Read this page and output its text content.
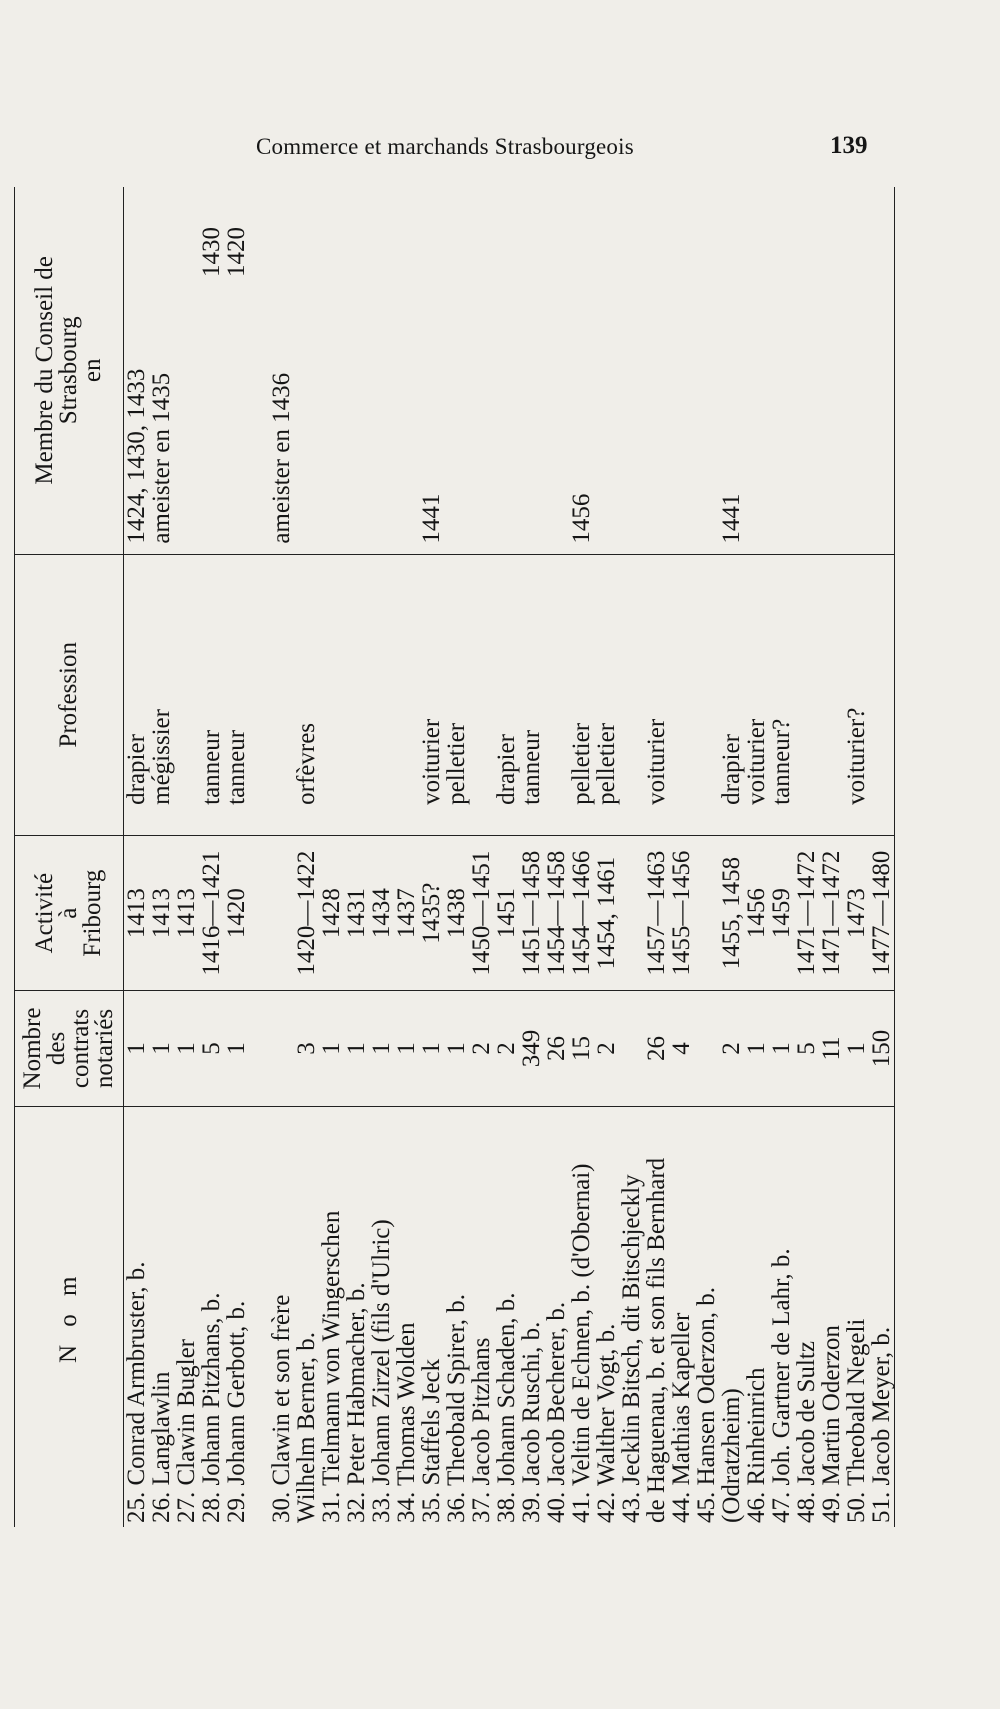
Commerce et marchands Strasbourgeois	139
N o m	Nombre des
contrats
notariés	Activité
à
Fribourg	Profession	Membre du Conseil de
Strasbourg
en

25. Conrad Armbruster, b.	1	1413	drapier	1424, 1430, 1433

26. Langlawlin	1	1413	mégissier	ameister en 1435

27. Clawin Bugler	1	1413		

28. Johann Pitzhans, b.	5	1416—1421	tanneur	1430

29. Johann Gerbott, b.	1	1420	tanneur	1420

30. Clawin et son frère
Wilhelm Berner, b.	3	1420—1422	orfèvres	ameister en 1436

31. Tielmann von Wingerschen	1	1428		

32. Peter Habmacher, b.	1	1431		

33. Johann Zirzel (fils d'Ulric)	1	1434		

34. Thomas Wolden	1	1437		

35. Staffels Jeck	1	1435?	voiturier	1441

36. Theobald Spirer, b.	1	1438	pelletier	

37. Jacob Pitzhans	2	1450—1451		

38. Johann Schaden, b.	2	1451	drapier	

39. Jacob Ruschi, b.	349	1451—1458	tanneur	

40. Jacob Becherer, b.	26	1454—1458		

41. Veltin de Echnen, b. (d'Obernai)	15	1454—1466	pelletier	1456

42. Walther Vogt, b.	2	1454, 1461	pelletier	

43. Jecklin Bitsch, dit Bitschjeckly
de Haguenau, b. et son fils Bernhard	26	1457—1463	voiturier	

44. Mathias Kapeller	4	1455—1456		

45. Hansen Oderzon, b.
(Odratzheim)	2	1455, 1458	drapier	1441

46. Rinheinrich	1	1456	voiturier	

47. Joh. Gartner de Lahr, b.	1	1459	tanneur?	

48. Jacob de Sultz	5	1471—1472		

49. Martin Oderzon	11	1471—1472		

50. Theobald Negeli	1	1473	voiturier?	

51. Jacob Meyer, b.	150	1477—1480		
